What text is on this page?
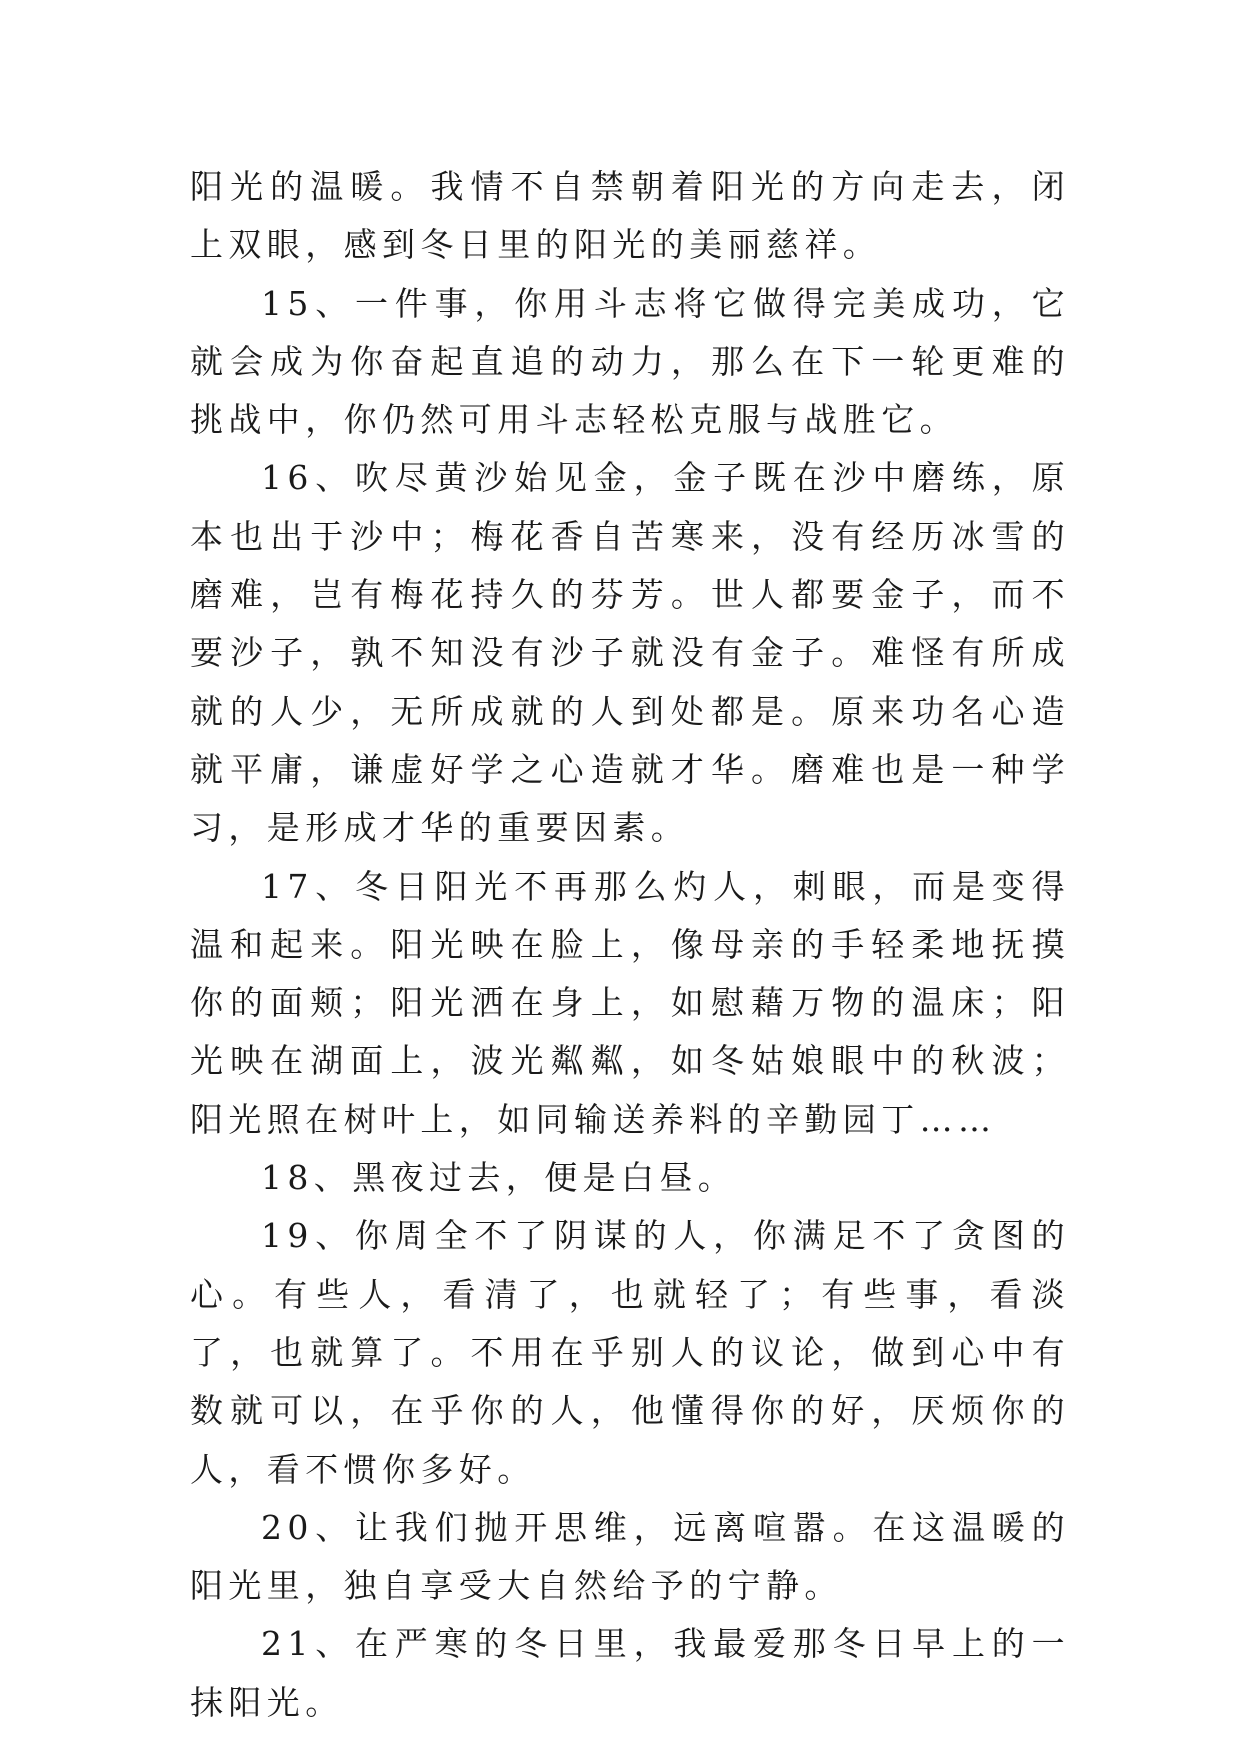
阳光的温暖。我情不自禁朝着阳光的方向走去，闭上双眼，感到冬日里的阳光的美丽慈祥。

15、一件事，你用斗志将它做得完美成功，它就会成为你奋起直追的动力，那么在下一轮更难的挑战中，你仍然可用斗志轻松克服与战胜它。

16、吹尽黄沙始见金，金子既在沙中磨练，原本也出于沙中；梅花香自苦寒来，没有经历冰雪的磨难，岂有梅花持久的芬芳。世人都要金子，而不要沙子，孰不知没有沙子就没有金子。难怪有所成就的人少，无所成就的人到处都是。原来功名心造就平庸，谦虚好学之心造就才华。磨难也是一种学习，是形成才华的重要因素。

17、冬日阳光不再那么灼人，刺眼，而是变得温和起来。阳光映在脸上，像母亲的手轻柔地抚摸你的面颊；阳光洒在身上，如慰藉万物的温床；阳光映在湖面上，波光粼粼，如冬姑娘眼中的秋波；阳光照在树叶上，如同输送养料的辛勤园丁……

18、黑夜过去，便是白昼。

19、你周全不了阴谋的人，你满足不了贪图的心。有些人，看清了，也就轻了；有些事，看淡了，也就算了。不用在乎别人的议论，做到心中有数就可以，在乎你的人，他懂得你的好，厌烦你的人，看不惯你多好。

20、让我们抛开思维，远离喧嚣。在这温暖的阳光里，独自享受大自然给予的宁静。

21、在严寒的冬日里，我最爱那冬日早上的一抹阳光。
